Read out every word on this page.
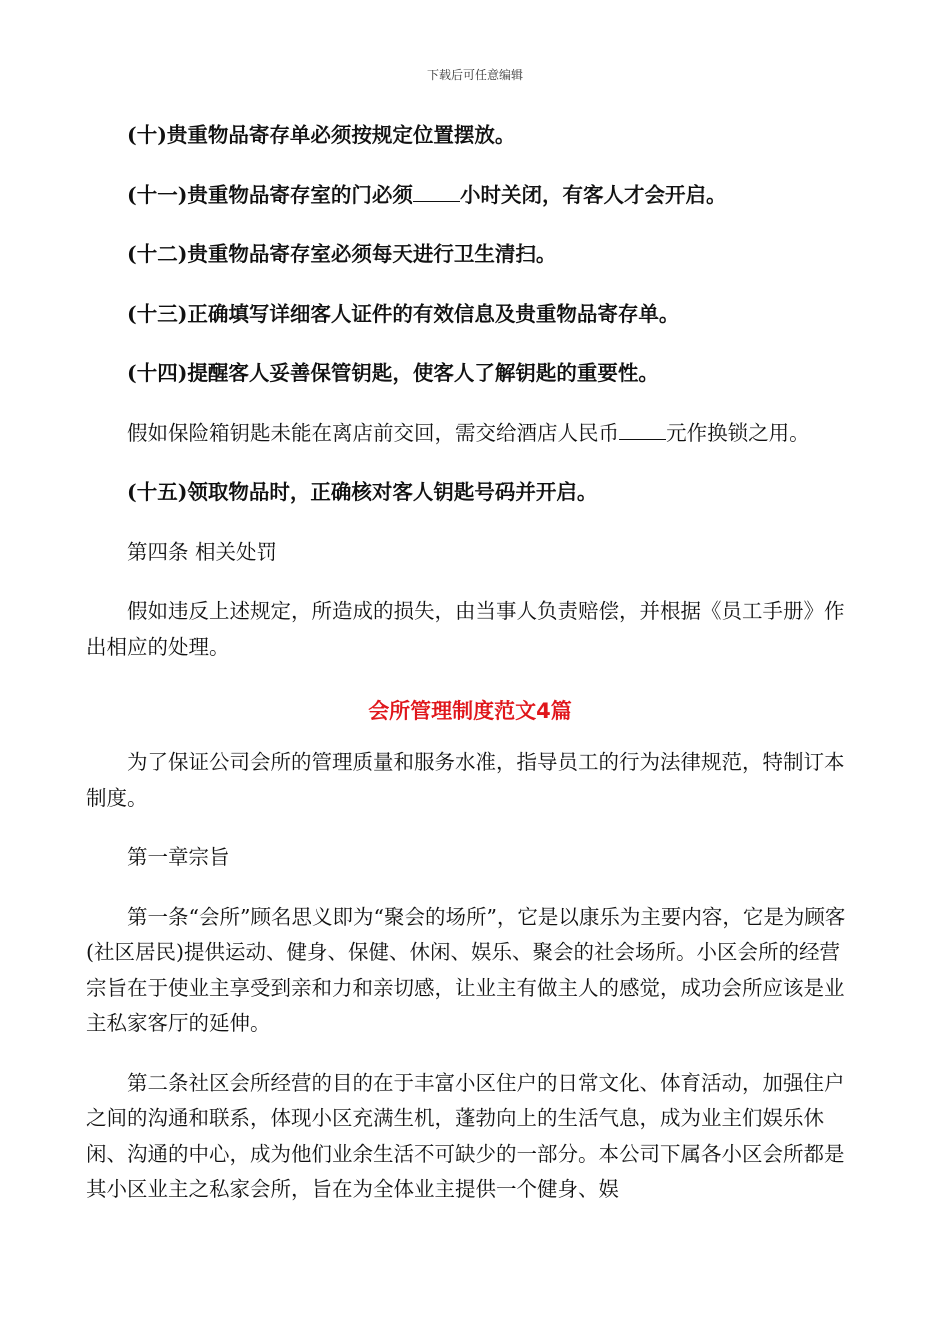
下载后可任意编辑

(十)贵重物品寄存单必须按规定位置摆放。

(十一)贵重物品寄存室的门必须 小时关闭，有客人才会开启。

(十二)贵重物品寄存室必须每天进行卫生清扫。

(十三)正确填写详细客人证件的有效信息及贵重物品寄存单。

(十四)提醒客人妥善保管钥匙，使客人了解钥匙的重要性。

假如保险箱钥匙未能在离店前交回，需交给酒店人民币 元作换锁之用。

(十五)领取物品时，正确核对客人钥匙号码并开启。

第四条 相关处罚

假如违反上述规定，所造成的损失，由当事人负责赔偿，并根据《员工手册》作出相应的处理。

会所管理制度范文4篇

为了保证公司会所的管理质量和服务水准，指导员工的行为法律规范，特制订本制度。

第一章宗旨

第一条“会所”顾名思义即为“聚会的场所”，它是以康乐为主要内容，它是为顾客(社区居民)提供运动、健身、保健、休闲、娱乐、聚会的社会场所。小区会所的经营宗旨在于使业主享受到亲和力和亲切感，让业主有做主人的感觉，成功会所应该是业主私家客厅的延伸。

第二条社区会所经营的目的在于丰富小区住户的日常文化、体育活动，加强住户之间的沟通和联系，体现小区充满生机，蓬勃向上的生活气息，成为业主们娱乐休闲、沟通的中心，成为他们业余生活不可缺少的一部分。本公司下属各小区会所都是其小区业主之私家会所，旨在为全体业主提供一个健身、娱
